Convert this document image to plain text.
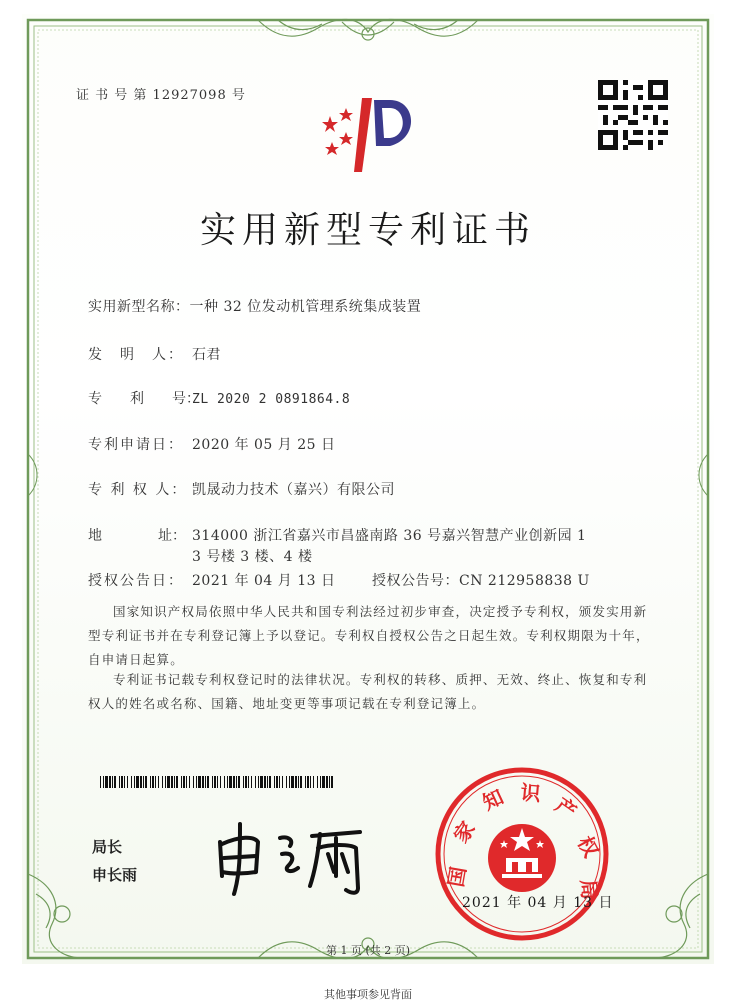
证 书 号 第 12927098 号
实用新型专利证书
实用新型名称：一种 32 位发动机管理系统集成装置
发　明　人： 石君
专　　利　　号：ZL 2020 2 0891864.8
专利申请日： 2020 年 05 月 25 日
专 利 权 人： 凯晟动力技术（嘉兴）有限公司
地　　　　址： 314000 浙江省嘉兴市昌盛南路 36 号嘉兴智慧产业创新园 1
3 号楼 3 楼、4 楼
授权公告日： 2021 年 04 月 13 日	授权公告号：CN 212958838 U
国家知识产权局依照中华人民共和国专利法经过初步审查，决定授予专利权，颁发实用新型专利证书并在专利登记簿上予以登记。专利权自授权公告之日起生效。专利权期限为十年，自申请日起算。
专利证书记载专利权登记时的法律状况。专利权的转移、质押、无效、终止、恢复和专利权人的姓名或名称、国籍、地址变更等事项记载在专利登记簿上。
局长
申长雨	国
家
知 识 产
权
局
2021 年 04 月 13 日
第 1 页 (共 2 页)
其他事项参见背面
